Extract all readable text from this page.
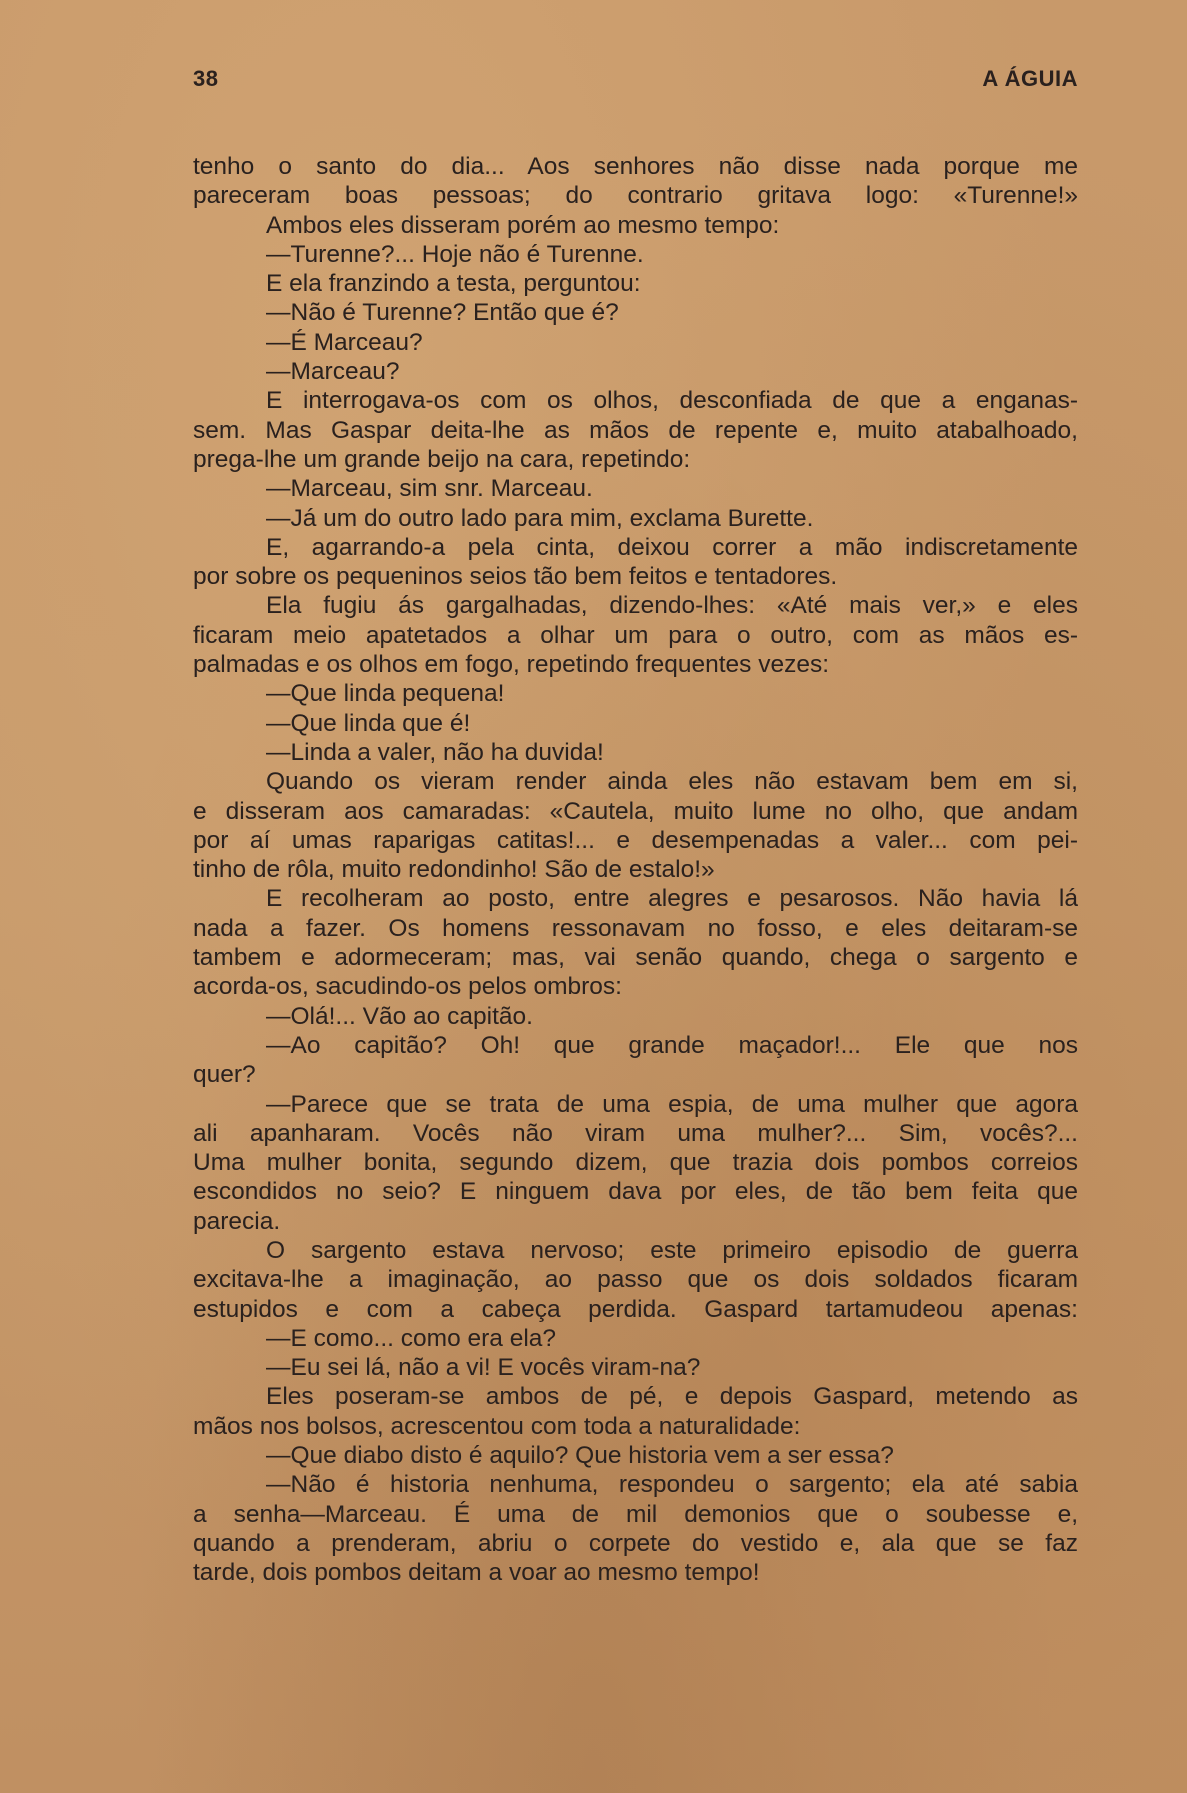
38	A ÁGUIA
tenho o santo do dia... Aos senhores não disse nada porque me
pareceram boas pessoas; do contrario gritava logo: «Turenne!»
Ambos eles disseram porém ao mesmo tempo:
—Turenne?... Hoje não é Turenne.
E ela franzindo a testa, perguntou:
—Não é Turenne? Então que é?
—É Marceau?
—Marceau?
E interrogava-os com os olhos, desconfiada de que a enganas-
sem. Mas Gaspar deita-lhe as mãos de repente e, muito atabalhoado,
prega-lhe um grande beijo na cara, repetindo:
—Marceau, sim snr. Marceau.
—Já um do outro lado para mim, exclama Burette.
E, agarrando-a pela cinta, deixou correr a mão indiscretamente
por sobre os pequeninos seios tão bem feitos e tentadores.
Ela fugiu ás gargalhadas, dizendo-lhes: «Até mais ver,» e eles
ficaram meio apatetados a olhar um para o outro, com as mãos es-
palmadas e os olhos em fogo, repetindo frequentes vezes:
—Que linda pequena!
—Que linda que é!
—Linda a valer, não ha duvida!
Quando os vieram render ainda eles não estavam bem em si,
e disseram aos camaradas: «Cautela, muito lume no olho, que andam
por aí umas raparigas catitas!... e desempenadas a valer... com pei-
tinho de rôla, muito redondinho! São de estalo!»
E recolheram ao posto, entre alegres e pesarosos. Não havia lá
nada a fazer. Os homens ressonavam no fosso, e eles deitaram-se
tambem e adormeceram; mas, vai senão quando, chega o sargento e
acorda-os, sacudindo-os pelos ombros:
—Olá!... Vão ao capitão.
—Ao capitão? Oh! que grande maçador!... Ele que nos
quer?
—Parece que se trata de uma espia, de uma mulher que agora
ali apanharam. Vocês não viram uma mulher?... Sim, vocês?...
Uma mulher bonita, segundo dizem, que trazia dois pombos correios
escondidos no seio? E ninguem dava por eles, de tão bem feita que
parecia.
O sargento estava nervoso; este primeiro episodio de guerra
excitava-lhe a imaginação, ao passo que os dois soldados ficaram
estupidos e com a cabeça perdida. Gaspard tartamudeou apenas:
—E como... como era ela?
—Eu sei lá, não a vi! E vocês viram-na?
Eles poseram-se ambos de pé, e depois Gaspard, metendo as
mãos nos bolsos, acrescentou com toda a naturalidade:
—Que diabo disto é aquilo? Que historia vem a ser essa?
—Não é historia nenhuma, respondeu o sargento; ela até sabia
a senha—Marceau. É uma de mil demonios que o soubesse e,
quando a prenderam, abriu o corpete do vestido e, ala que se faz
tarde, dois pombos deitam a voar ao mesmo tempo!
